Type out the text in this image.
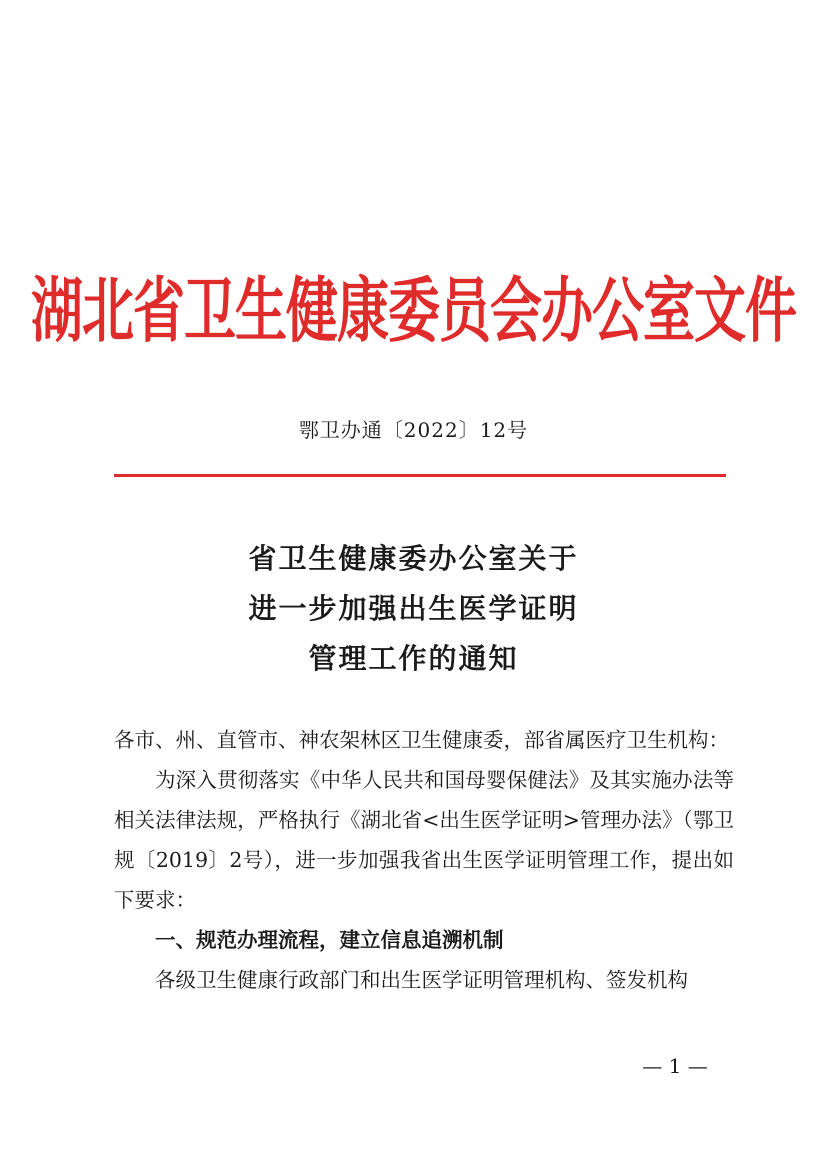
湖北省卫生健康委员会办公室文件
鄂卫办通〔2022〕12号
省卫生健康委办公室关于
进一步加强出生医学证明
管理工作的通知

各市、州、直管市、神农架林区卫生健康委，部省属医疗卫生机构：

为深入贯彻落实《中华人民共和国母婴保健法》及其实施办法等相关法律法规，严格执行《湖北省<出生医学证明>管理办法》（鄂卫规〔2019〕2号），进一步加强我省出生医学证明管理工作，提出如下要求：

一、规范办理流程，建立信息追溯机制

各级卫生健康行政部门和出生医学证明管理机构、签发机构

— 1 —
